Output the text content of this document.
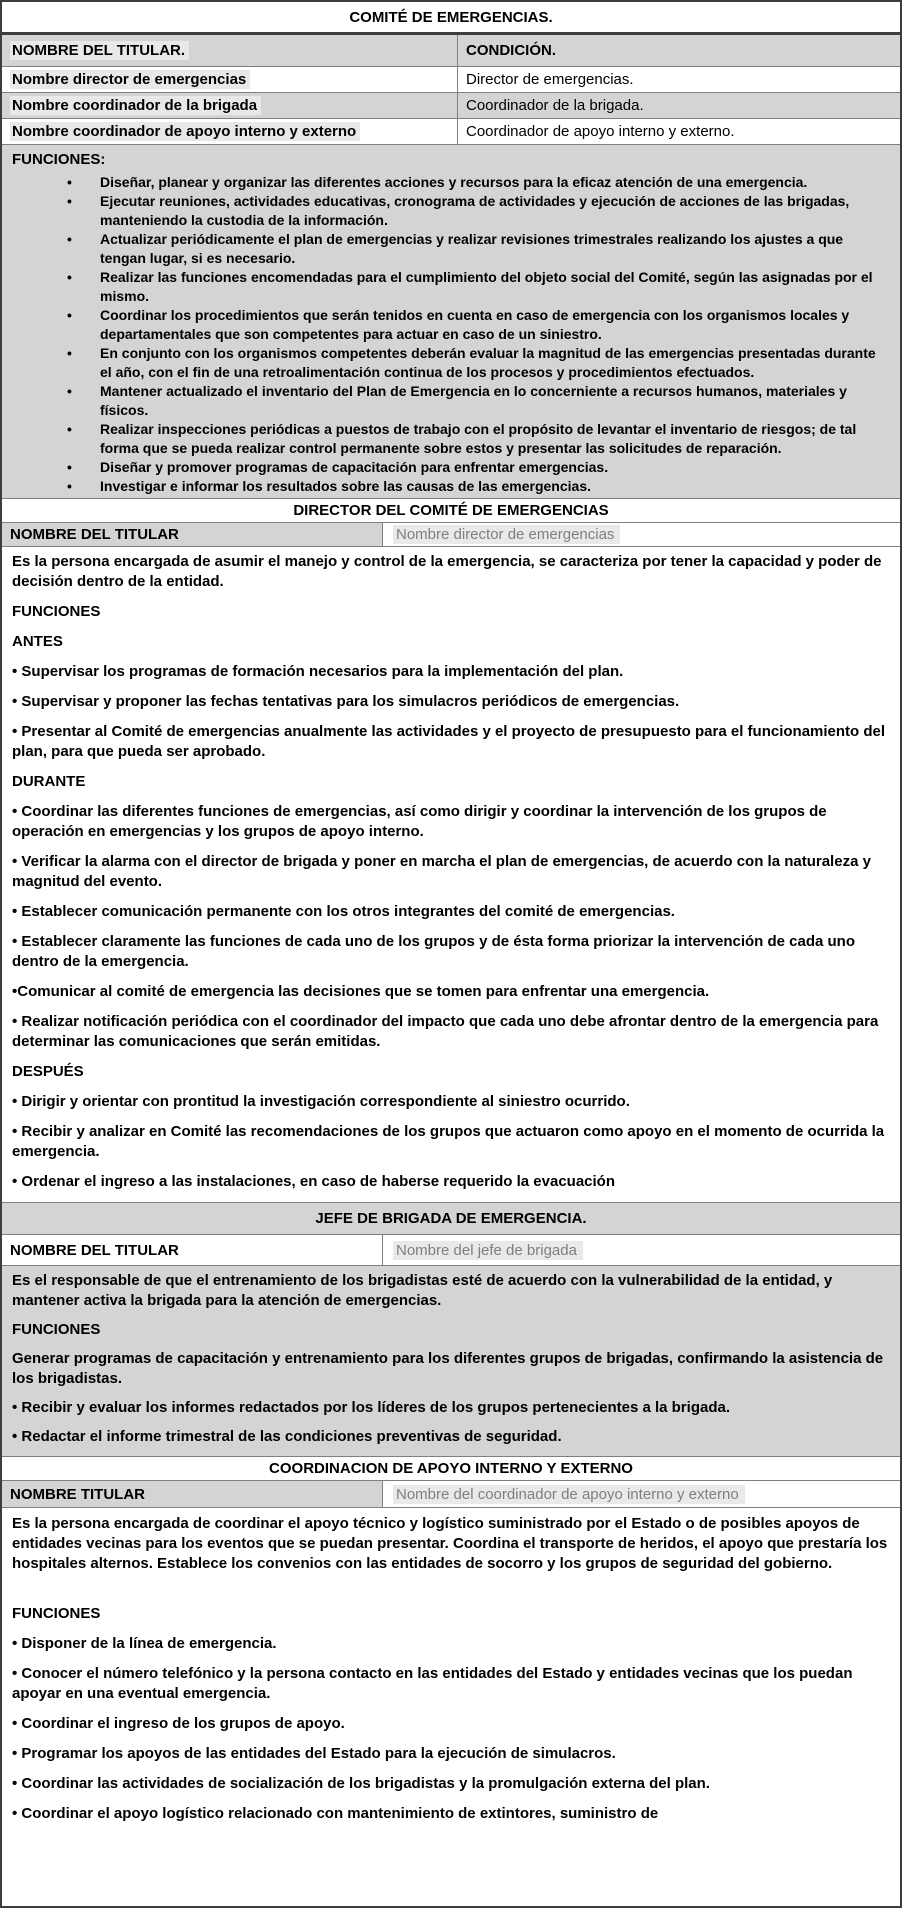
COMITÉ DE EMERGENCIAS.
NOMBRE DEL TITULAR.	CONDICIÓN.
Nombre director de emergencias	Director de emergencias.
Nombre coordinador de la brigada	Coordinador de la brigada.
Nombre coordinador de apoyo interno y externo	Coordinador de apoyo interno y externo.
FUNCIONES:
• Diseñar, planear y organizar las diferentes acciones y recursos para la eficaz atención de una emergencia.
• Ejecutar reuniones, actividades educativas, cronograma de actividades y ejecución de acciones de las brigadas, manteniendo la custodia de la información.
• Actualizar periódicamente el plan de emergencias y realizar revisiones trimestrales realizando los ajustes a que tengan lugar, si es necesario.
• Realizar las funciones encomendadas para el cumplimiento del objeto social del Comité, según las asignadas por el mismo.
• Coordinar los procedimientos que serán tenidos en cuenta en caso de emergencia con los organismos locales y departamentales que son competentes para actuar en caso de un siniestro.
• En conjunto con los organismos competentes deberán evaluar la magnitud de las emergencias presentadas durante el año, con el fin de una retroalimentación continua de los procesos y procedimientos efectuados.
• Mantener actualizado el inventario del Plan de Emergencia en lo concerniente a recursos humanos, materiales y físicos.
• Realizar inspecciones periódicas a puestos de trabajo con el propósito de levantar el inventario de riesgos; de tal forma que se pueda realizar control permanente sobre estos y presentar las solicitudes de reparación.
• Diseñar y promover programas de capacitación para enfrentar emergencias.
• Investigar e informar los resultados sobre las causas de las emergencias.
DIRECTOR DEL COMITÉ DE EMERGENCIAS
NOMBRE DEL TITULAR	Nombre director de emergencias

Es la persona encargada de asumir el manejo y control de la emergencia, se caracteriza por tener la capacidad y poder de decisión dentro de la entidad.

FUNCIONES

ANTES

• Supervisar los programas de formación necesarios para la implementación del plan.

• Supervisar y proponer las fechas tentativas para los simulacros periódicos de emergencias.

• Presentar al Comité de emergencias anualmente las actividades y el proyecto de presupuesto para el funcionamiento del plan, para que pueda ser aprobado.

DURANTE

• Coordinar las diferentes funciones de emergencias, así como dirigir y coordinar la intervención de los grupos de operación en emergencias y los grupos de apoyo interno.

• Verificar la alarma con el director de brigada y poner en marcha el plan de emergencias, de acuerdo con la naturaleza y magnitud del evento.

• Establecer comunicación permanente con los otros integrantes del comité de emergencias.

• Establecer claramente las funciones de cada uno de los grupos y de ésta forma priorizar la intervención de cada uno dentro de la emergencia.

•Comunicar al comité de emergencia las decisiones que se tomen para enfrentar una emergencia.

• Realizar notificación periódica con el coordinador del impacto que cada uno debe afrontar dentro de la emergencia para determinar las comunicaciones que serán emitidas.

DESPUÉS

• Dirigir y orientar con prontitud la investigación correspondiente al siniestro ocurrido.

• Recibir y analizar en Comité las recomendaciones de los grupos que actuaron como apoyo en el momento de ocurrida la emergencia.

• Ordenar el ingreso a las instalaciones, en caso de haberse requerido la evacuación

JEFE DE BRIGADA DE EMERGENCIA.
NOMBRE DEL TITULAR	Nombre del jefe de brigada

Es el responsable de que el entrenamiento de los brigadistas esté de acuerdo con la vulnerabilidad de la entidad, y mantener activa la brigada para la atención de emergencias.

FUNCIONES

Generar programas de capacitación y entrenamiento para los diferentes grupos de brigadas, confirmando la asistencia de los brigadistas.

• Recibir y evaluar los informes redactados por los líderes de los grupos pertenecientes a la brigada.

• Redactar el informe trimestral de las condiciones preventivas de seguridad.

COORDINACION DE APOYO INTERNO Y EXTERNO
NOMBRE TITULAR	Nombre del coordinador de apoyo interno y externo

Es la persona encargada de coordinar el apoyo técnico y logístico suministrado por el Estado o de posibles apoyos de entidades vecinas para los eventos que se puedan presentar. Coordina el transporte de heridos, el apoyo que prestaría los hospitales alternos. Establece los convenios con las entidades de socorro y los grupos de seguridad del gobierno.

FUNCIONES

• Disponer de la línea de emergencia.

• Conocer el número telefónico y la persona contacto en las entidades del Estado y entidades vecinas que los puedan apoyar en una eventual emergencia.

• Coordinar el ingreso de los grupos de apoyo.

• Programar los apoyos de las entidades del Estado para la ejecución de simulacros.

• Coordinar las actividades de socialización de los brigadistas y la promulgación externa del plan.

• Coordinar el apoyo logístico relacionado con mantenimiento de extintores, suministro de
